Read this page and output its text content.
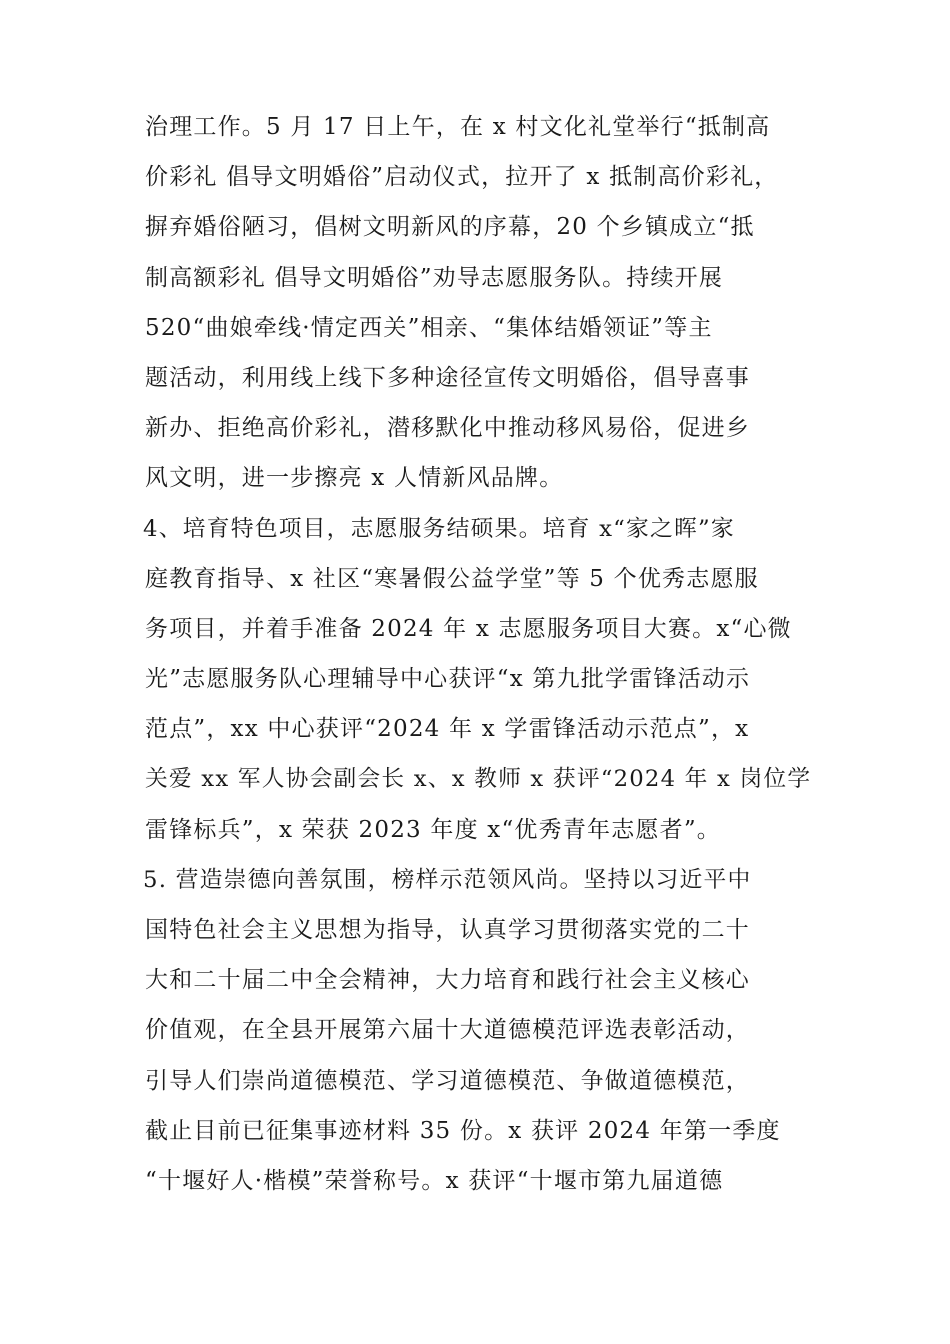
治理工作。5 月 17 日上午，在 x 村文化礼堂举行“抵制高
价彩礼 倡导文明婚俗”启动仪式，拉开了 x 抵制高价彩礼，
摒弃婚俗陋习，倡树文明新风的序幕，20 个乡镇成立“抵
制高额彩礼 倡导文明婚俗”劝导志愿服务队。持续开展
520“曲娘牵线·情定西关”相亲、“集体结婚领证”等主
题活动，利用线上线下多种途径宣传文明婚俗，倡导喜事
新办、拒绝高价彩礼，潜移默化中推动移风易俗，促进乡
风文明，进一步擦亮 x 人情新风品牌。
4、培育特色项目，志愿服务结硕果。培育 x“家之晖”家
庭教育指导、x 社区“寒暑假公益学堂”等 5 个优秀志愿服
务项目，并着手准备 2024 年 x 志愿服务项目大赛。x“心微
光”志愿服务队心理辅导中心获评“x 第九批学雷锋活动示
范点”，xx 中心获评“2024 年 x 学雷锋活动示范点”，x
关爱 xx 军人协会副会长 x、x 教师 x 获评“2024 年 x 岗位学
雷锋标兵”，x 荣获 2023 年度 x“优秀青年志愿者”。
5. 营造崇德向善氛围，榜样示范领风尚。坚持以习近平中
国特色社会主义思想为指导，认真学习贯彻落实党的二十
大和二十届二中全会精神，大力培育和践行社会主义核心
价值观，在全县开展第六届十大道德模范评选表彰活动，
引导人们崇尚道德模范、学习道德模范、争做道德模范，
截止目前已征集事迹材料 35 份。x 获评 2024 年第一季度
“十堰好人·楷模”荣誉称号。x 获评“十堰市第九届道德
